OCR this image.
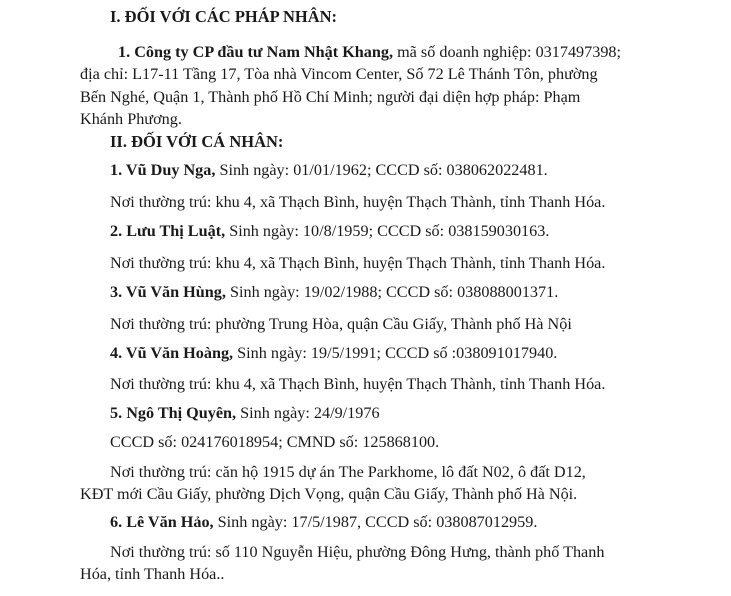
I. ĐỐI VỚI CÁC PHÁP NHÂN:
1. Công ty CP đầu tư Nam Nhật Khang, mã số doanh nghiệp: 0317497398;
địa chỉ: L17-11 Tầng 17, Tòa nhà Vincom Center, Số 72 Lê Thánh Tôn, phường
Bến Nghé, Quận 1, Thành phố Hồ Chí Minh; người đại diện hợp pháp: Phạm
Khánh Phương.
II. ĐỐI VỚI CÁ NHÂN:
1. Vũ Duy Nga, Sinh ngày: 01/01/1962; CCCD số: 038062022481.
Nơi thường trú: khu 4, xã Thạch Bình, huyện Thạch Thành, tỉnh Thanh Hóa.
2. Lưu Thị Luật, Sinh ngày: 10/8/1959; CCCD số: 038159030163.
Nơi thường trú: khu 4, xã Thạch Bình, huyện Thạch Thành, tỉnh Thanh Hóa.
3. Vũ Văn Hùng, Sinh ngày: 19/02/1988; CCCD số: 038088001371.
Nơi thường trú: phường Trung Hòa, quận Cầu Giấy, Thành phố Hà Nội
4. Vũ Văn Hoàng, Sinh ngày: 19/5/1991; CCCD số :038091017940.
Nơi thường trú: khu 4, xã Thạch Bình, huyện Thạch Thành, tỉnh Thanh Hóa.
5. Ngô Thị Quyên, Sinh ngày: 24/9/1976
CCCD số: 024176018954; CMND số: 125868100.
Nơi thường trú: căn hộ 1915 dự án The Parkhome, lô đất N02, ô đất D12,
KĐT mới Cầu Giấy, phường Dịch Vọng, quận Cầu Giấy, Thành phố Hà Nội.
6. Lê Văn Hảo, Sinh ngày: 17/5/1987, CCCD số: 038087012959.
Nơi thường trú: số 110 Nguyễn Hiệu, phường Đông Hưng, thành phố Thanh
Hóa, tỉnh Thanh Hóa..
